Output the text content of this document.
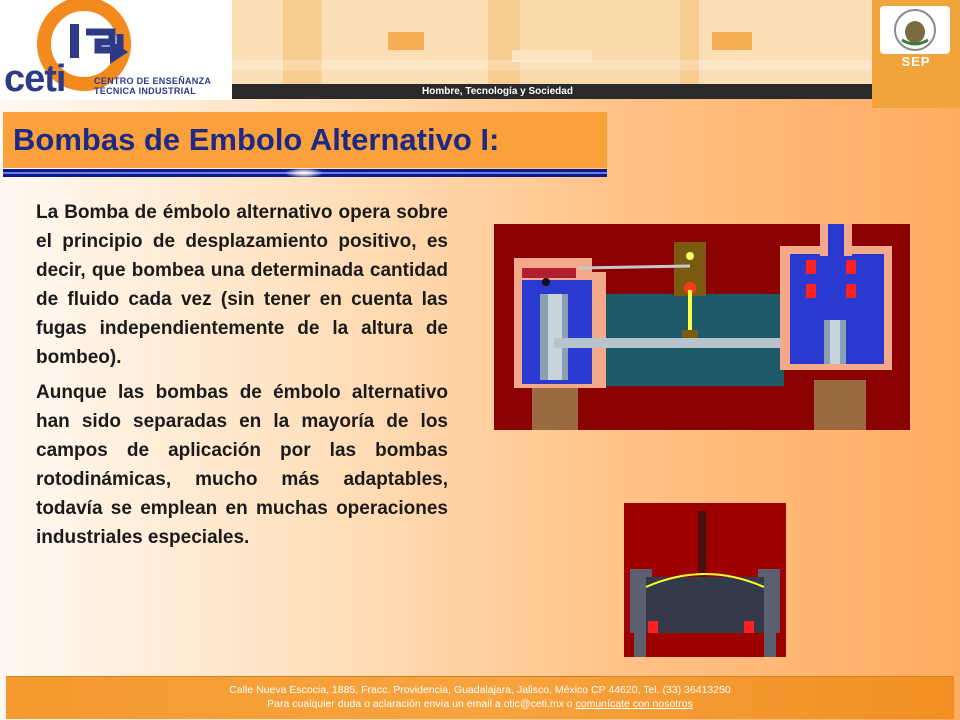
ceti	CENTRO DE ENSEÑANZA
TÉCNICA INDUSTRIAL	Hombre, Tecnología y Sociedad
SEP
Bombas de Embolo Alternativo I:

La Bomba de émbolo alternativo opera sobre el principio de desplazamiento positivo, es decir, que bombea una determinada cantidad de fluido cada vez (sin tener en cuenta las fugas independientemente de la altura de bombeo).

Aunque las bombas de émbolo alternativo han sido separadas en la mayoría de los campos de aplicación por las bombas rotodinámicas, mucho más adaptables, todavía se emplean en muchas operaciones industriales especiales.

Calle Nueva Escocia, 1885, Fracc. Providencia, Guadalajara, Jalisco, México CP 44620, Tel. (33) 36413250
Para cualquier duda o aclaración envía un email a otic@ceti.mx o comunícate con nosotros
